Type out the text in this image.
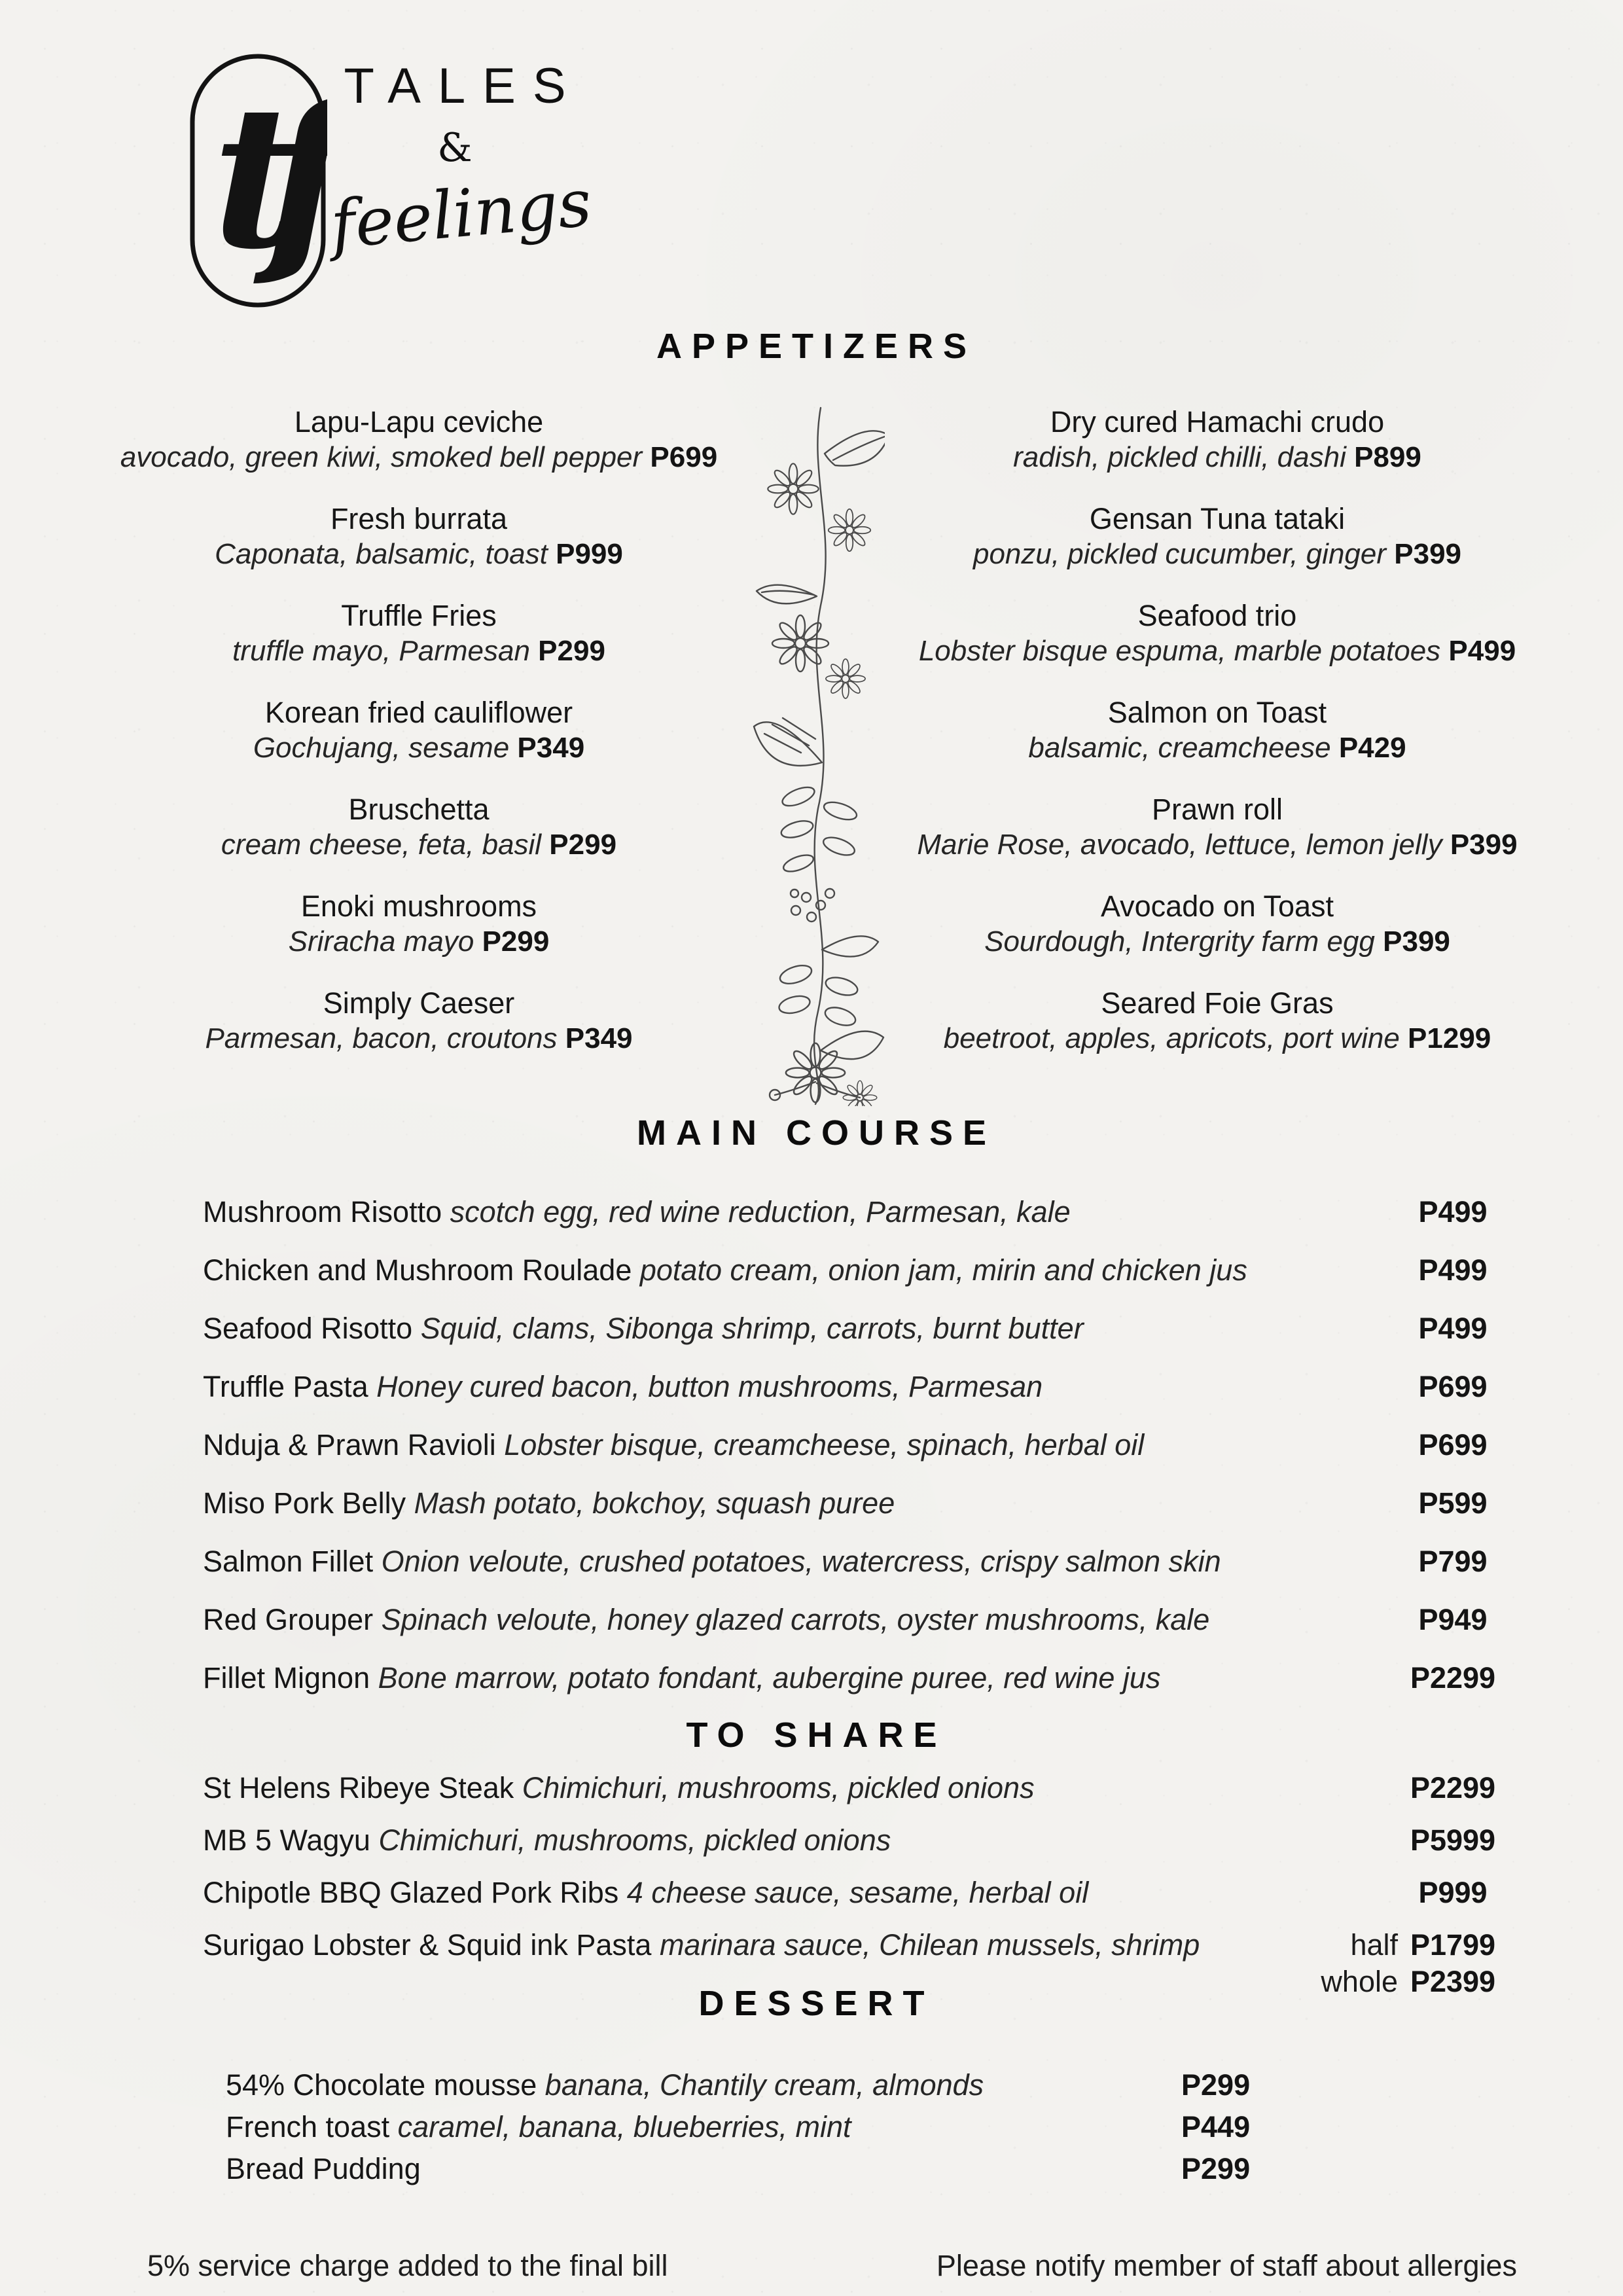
tf TALES
&
feelings
APPETIZERS
Lapu-Lapu ceviche
avocado, green kiwi, smoked bell pepper P699
Fresh burrata
Caponata, balsamic, toast P999
Truffle Fries
truffle mayo, Parmesan P299
Korean fried cauliflower
Gochujang, sesame P349
Bruschetta
cream cheese, feta, basil P299
Enoki mushrooms
Sriracha mayo P299
Simply Caeser
Parmesan, bacon, croutons P349
Dry cured Hamachi crudo
radish, pickled chilli, dashi P899
Gensan Tuna tataki
ponzu, pickled cucumber, ginger P399
Seafood trio
Lobster bisque espuma, marble potatoes P499
Salmon on Toast
balsamic, creamcheese P429
Prawn roll
Marie Rose, avocado, lettuce, lemon jelly P399
Avocado on Toast
Sourdough, Intergrity farm egg P399
Seared Foie Gras
beetroot, apples, apricots, port wine P1299
MAIN COURSE
Mushroom Risotto scotch egg, red wine reduction, Parmesan, kale	P499
Chicken and Mushroom Roulade potato cream, onion jam, mirin and chicken jus	P499
Seafood Risotto Squid, clams, Sibonga shrimp, carrots, burnt butter	P499
Truffle Pasta Honey cured bacon, button mushrooms, Parmesan	P699
Nduja & Prawn Ravioli Lobster bisque, creamcheese, spinach, herbal oil	P699
Miso Pork Belly Mash potato, bokchoy, squash puree	P599
Salmon Fillet Onion veloute, crushed potatoes, watercress, crispy salmon skin	P799
Red Grouper Spinach veloute, honey glazed carrots, oyster mushrooms, kale	P949
Fillet Mignon Bone marrow, potato fondant, aubergine puree, red wine jus	P2299
TO SHARE
St Helens Ribeye Steak Chimichuri, mushrooms, pickled onions	P2299
MB 5 Wagyu Chimichuri, mushrooms, pickled onions	P5999
Chipotle BBQ Glazed Pork Ribs 4 cheese sauce, sesame, herbal oil	P999
Surigao Lobster & Squid ink Pasta marinara sauce, Chilean mussels, shrimp	half P1799
whole P2399
DESSERT
54% Chocolate mousse banana, Chantily cream, almonds	P299
French toast caramel, banana, blueberries, mint	P449
Bread Pudding	P299
5% service charge added to the final bill	Please notify member of staff about allergies
